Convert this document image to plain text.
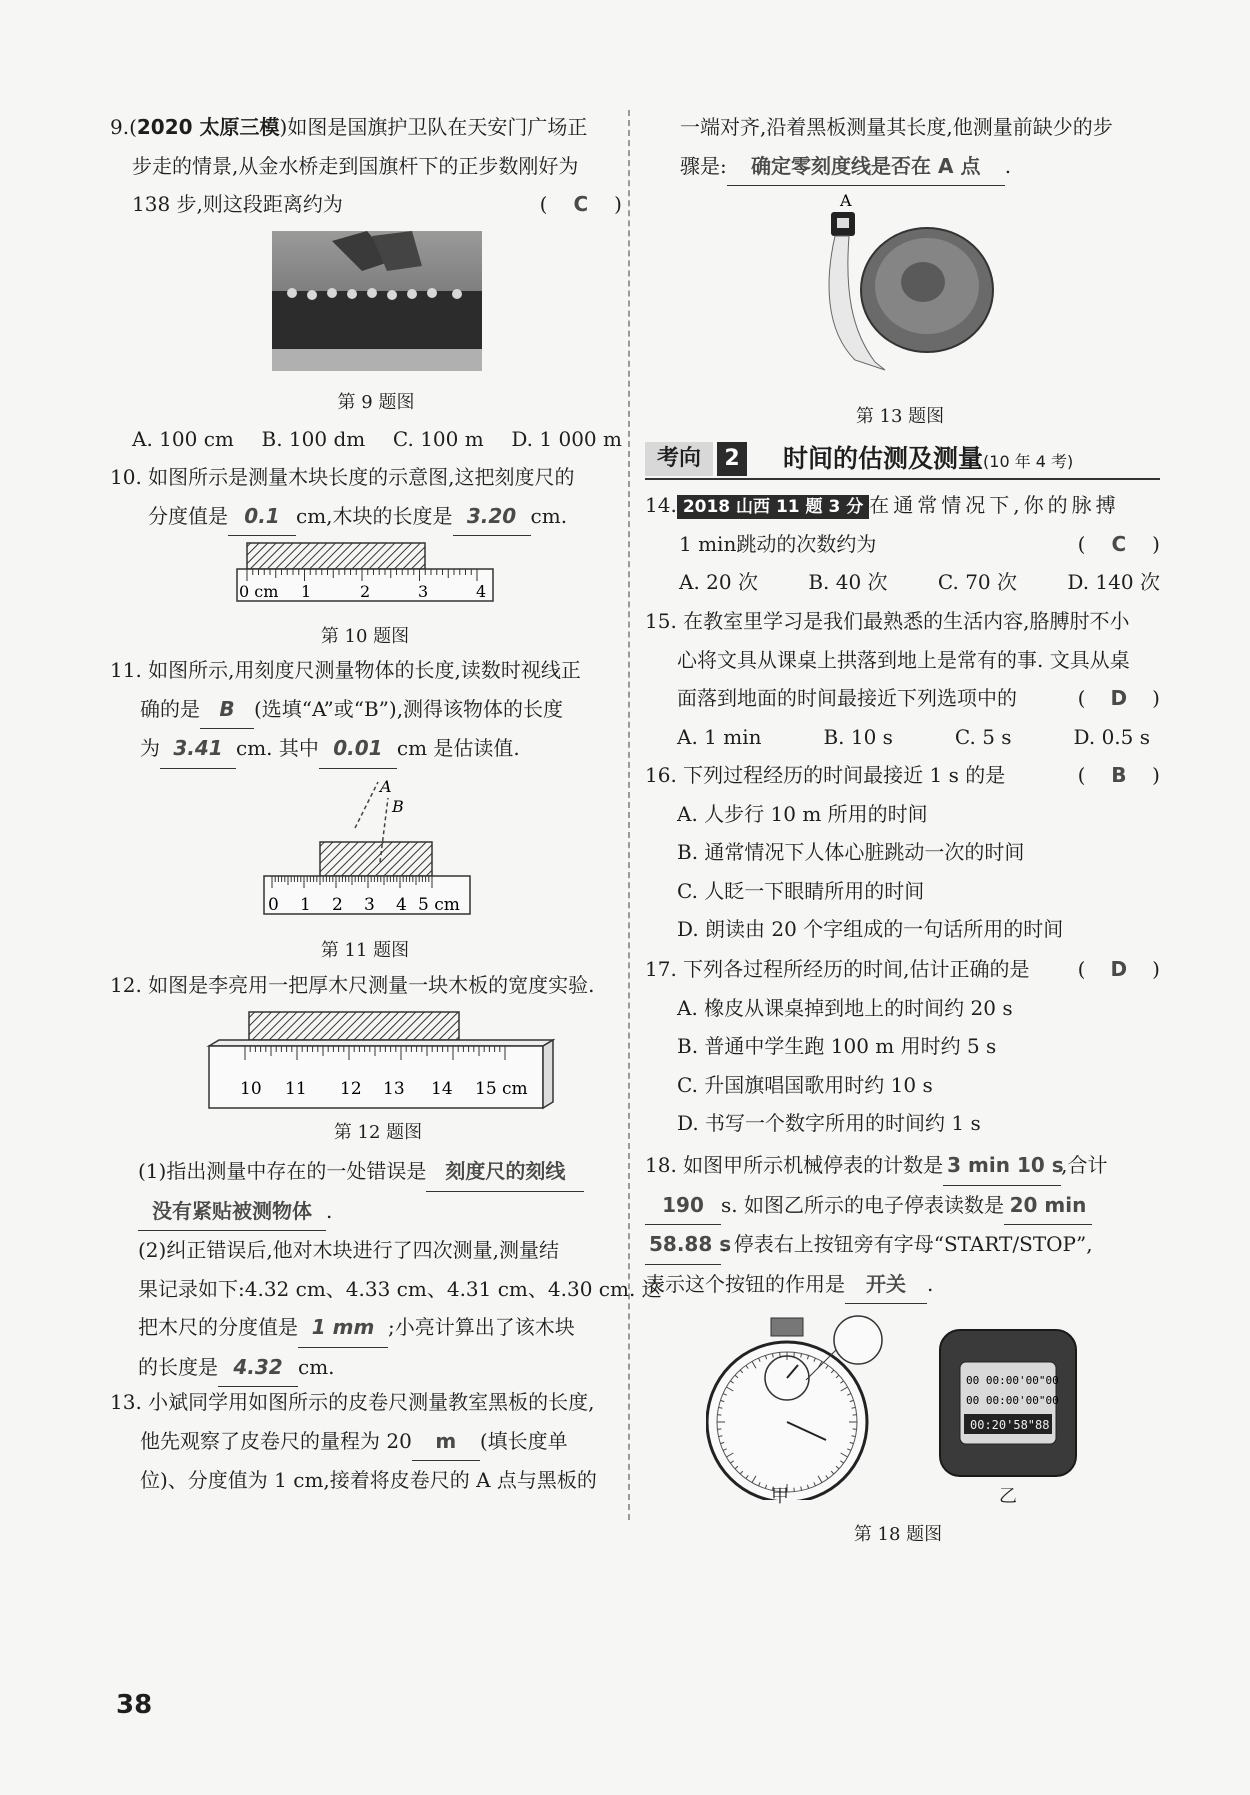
9.(2020 太原三模)如图是国旗护卫队在天安门广场正

步走的情景,从金水桥走到国旗杆下的正步数刚好为

138 步,则这段距离约为	( C )

第 9 题图

A. 100 cm B. 100 dm C. 100 m D. 1 000 m

10. 如图所示是测量木块长度的示意图,这把刻度尺的

分度值是 0.1 cm,木块的长度是 3.20 cm.

0 cm 1	2	3	4
第 10 题图

11. 如图所示,用刻度尺测量物体的长度,读数时视线正

确的是 B (选填“A”或“B”),测得该物体的长度

为 3.41 cm. 其中 0.01 cm 是估读值.

A
B
0 1 2 3 4 5 cm
第 11 题图

12. 如图是李亮用一把厚木尺测量一块木板的宽度实验.

10 11 12 13 14 15 cm
第 12 题图

(1)指出测量中存在的一处错误是 刻度尺的刻线

没有紧贴被测物体 .

(2)纠正错误后,他对木块进行了四次测量,测量结

果记录如下:4.32 cm、4.33 cm、4.31 cm、4.30 cm. 这

把木尺的分度值是 1 mm ;小亮计算出了该木块

的长度是 4.32 cm.

13. 小斌同学用如图所示的皮卷尺测量教室黑板的长度,

他先观察了皮卷尺的量程为 20 m (填长度单

位)、分度值为 1 cm,接着将皮卷尺的 A 点与黑板的

一端对齐,沿着黑板测量其长度,他测量前缺少的步

骤是: 确定零刻度线是否在 A 点 .

A
第 13 题图
考向	2 时间的估测及测量(10 年 4 考)

14. 2018 山西 11 题 3 分 在通常情况下,你的脉搏

1 min跳动的次数约为	( C )

A. 20 次	B. 40 次	C. 70 次	D. 140 次

15. 在教室里学习是我们最熟悉的生活内容,胳膊肘不小

心将文具从课桌上拱落到地上是常有的事. 文具从桌

面落到地面的时间最接近下列选项中的	( D )

A. 1 min	B. 10 s	C. 5 s	D. 0.5 s

16. 下列过程经历的时间最接近 1 s 的是	( B )

A. 人步行 10 m 所用的时间

B. 通常情况下人体心脏跳动一次的时间

C. 人眨一下眼睛所用的时间

D. 朗读由 20 个字组成的一句话所用的时间

17. 下列各过程所经历的时间,估计正确的是 ( D )

A. 橡皮从课桌掉到地上的时间约 20 s

B. 普通中学生跑 100 m 用时约 5 s

C. 升国旗唱国歌用时约 10 s

D. 书写一个数字所用的时间约 1 s

18. 如图甲所示机械停表的计数是 3 min 10 s,合计

190 s. 如图乙所示的电子停表读数是 20 min

58.88 s. 停表右上按钮旁有字母“START/STOP”,

表示这个按钮的作用是 开关 .

甲
00 00:00'00"00
00 00:00'00"00
00:20'58"88
乙
第 18 题图
38
